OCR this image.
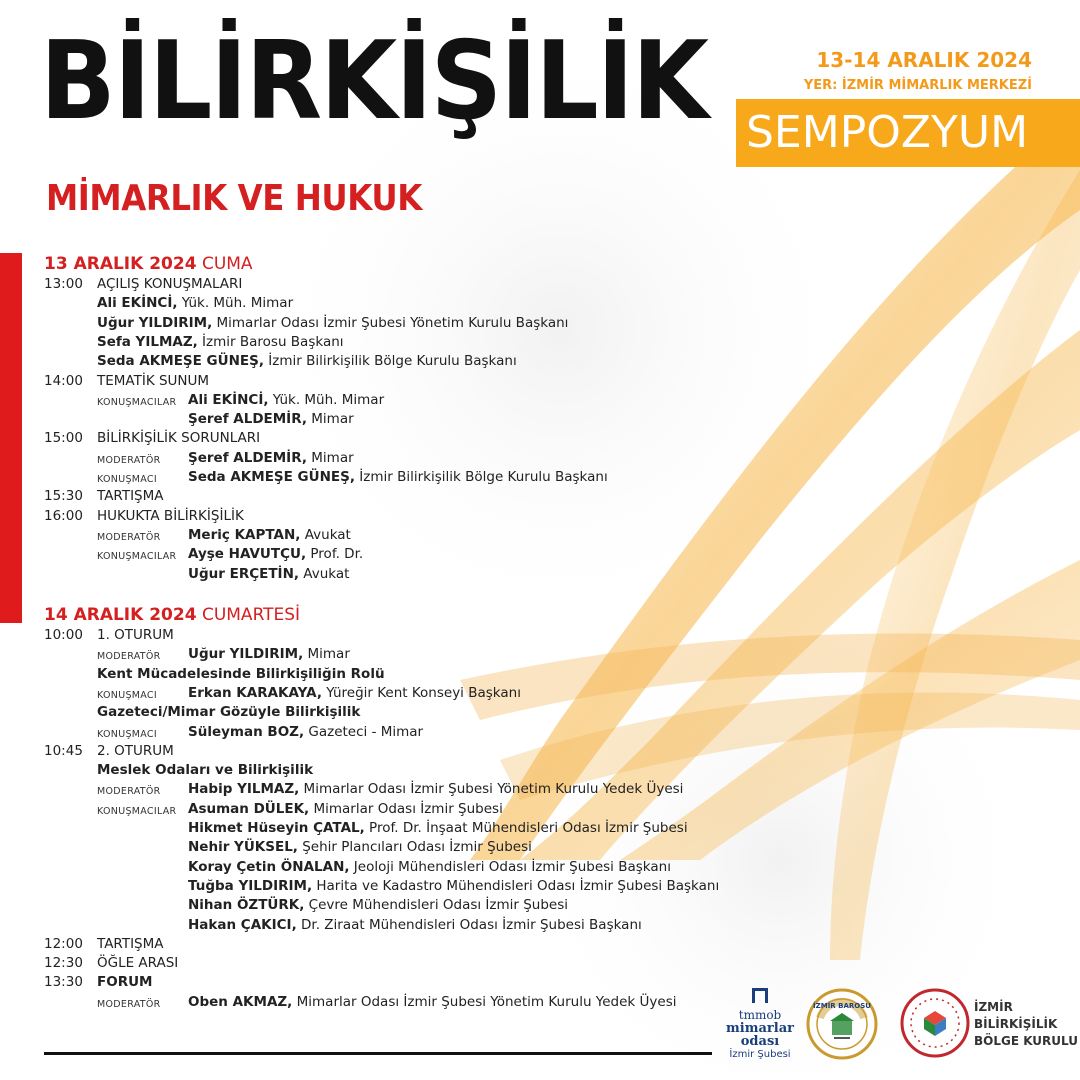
BİLİRKİŞİLİK
MİMARLIK VE HUKUK
13-14 ARALIK 2024
YER: İZMİR MİMARLIK MERKEZİ
SEMPOZYUM
13 ARALIK 2024 CUMA
13:00 AÇILIŞ KONUŞMALARI
Ali EKİNCİ, Yük. Müh. Mimar
Uğur YILDIRIM, Mimarlar Odası İzmir Şubesi Yönetim Kurulu Başkanı
Sefa YILMAZ, İzmir Barosu Başkanı
Seda AKMEŞE GÜNEŞ, İzmir Bilirkişilik Bölge Kurulu Başkanı
14:00 TEMATİK SUNUM
KONUŞMACILAR Ali EKİNCİ, Yük. Müh. Mimar
Şeref ALDEMİR, Mimar
15:00 BİLİRKİŞİLİK SORUNLARI
MODERATÖR Şeref ALDEMİR, Mimar
KONUŞMACI Seda AKMEŞE GÜNEŞ, İzmir Bilirkişilik Bölge Kurulu Başkanı
15:30 TARTIŞMA
16:00 HUKUKTA BİLİRKİŞİLİK
MODERATÖR Meriç KAPTAN, Avukat
KONUŞMACILAR Ayşe HAVUTÇU, Prof. Dr.
Uğur ERÇETİN, Avukat
14 ARALIK 2024 CUMARTESİ
10:00 1. OTURUM
MODERATÖR Uğur YILDIRIM, Mimar
Kent Mücadelesinde Bilirkişiliğin Rolü
KONUŞMACI Erkan KARAKAYA, Yüreğir Kent Konseyi Başkanı
Gazeteci/Mimar Gözüyle Bilirkişilik
KONUŞMACI Süleyman BOZ, Gazeteci - Mimar
10:45 2. OTURUM
Meslek Odaları ve Bilirkişilik
MODERATÖR Habip YILMAZ, Mimarlar Odası İzmir Şubesi Yönetim Kurulu Yedek Üyesi
KONUŞMACILAR Asuman DÜLEK, Mimarlar Odası İzmir Şubesi
Hikmet Hüseyin ÇATAL, Prof. Dr. İnşaat Mühendisleri Odası İzmir Şubesi
Nehir YÜKSEL, Şehir Plancıları Odası İzmir Şubesi
Koray Çetin ÖNALAN, Jeoloji Mühendisleri Odası İzmir Şubesi Başkanı
Tuğba YILDIRIM, Harita ve Kadastro Mühendisleri Odası İzmir Şubesi Başkanı
Nihan ÖZTÜRK, Çevre Mühendisleri Odası İzmir Şubesi
Hakan ÇAKICI, Dr. Ziraat Mühendisleri Odası İzmir Şubesi Başkanı
12:00 TARTIŞMA
12:30 ÖĞLE ARASI
13:30 FORUM
MODERATÖR Oben AKMAZ, Mimarlar Odası İzmir Şubesi Yönetim Kurulu Yedek Üyesi
tmmob
mimarlar
odası
İzmir Şubesi
İZMİR BAROSU	İZMİR
BİLİRKİŞİLİK
BÖLGE KURULU
